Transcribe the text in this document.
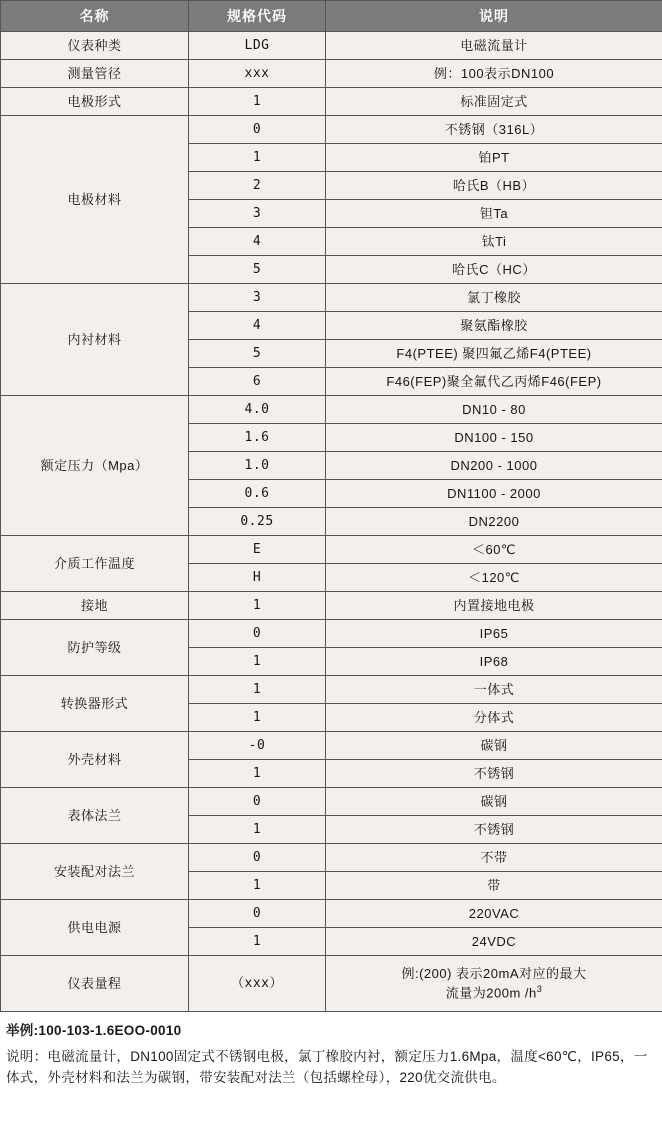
名称	规格代码	说明
仪表种类	LDG	电磁流量计
测量管径	xxx	例：100表示DN100
电极形式	1	标准固定式
电极材料	0	不锈钢（316L）
	1	铂PT
	2	哈氏B（HB）
	3	钽Ta
	4	钛Ti
	5	哈氏C（HC）
内衬材料	3	氯丁橡胶
	4	聚氨酯橡胶
	5	F4(PTEE) 聚四氟乙烯F4(PTEE)
	6	F46(FEP)聚全氟代乙丙烯F46(FEP)
额定压力（Mpa）	4.0	DN10 - 80
	1.6	DN100 - 150
	1.0	DN200 - 1000
	0.6	DN1100 - 2000
	0.25	DN2200
介质工作温度	E	＜60℃
	H	＜120℃
接地	1	内置接地电极
防护等级	0	IP65
	1	IP68
转换器形式	1	一体式
	1	分体式
外壳材料	-0	碳钢
	1	不锈钢
表体法兰	0	碳钢
	1	不锈钢
安装配对法兰	0	不带
	1	带
供电电源	0	220VAC
	1	24VDC
仪表量程	（xxx）	例:(200) 表示20mA对应的最大
流量为200m $/h^3$

举例:100-103-1.6EOO-0010

说明：电磁流量计，DN100固定式不锈钢电极，氯丁橡胶内衬，额定压力1.6Mpa，温度<60℃，IP65，一体式，外壳材料和法兰为碳钢，带安装配对法兰（包括螺栓母），220优交流供电。
